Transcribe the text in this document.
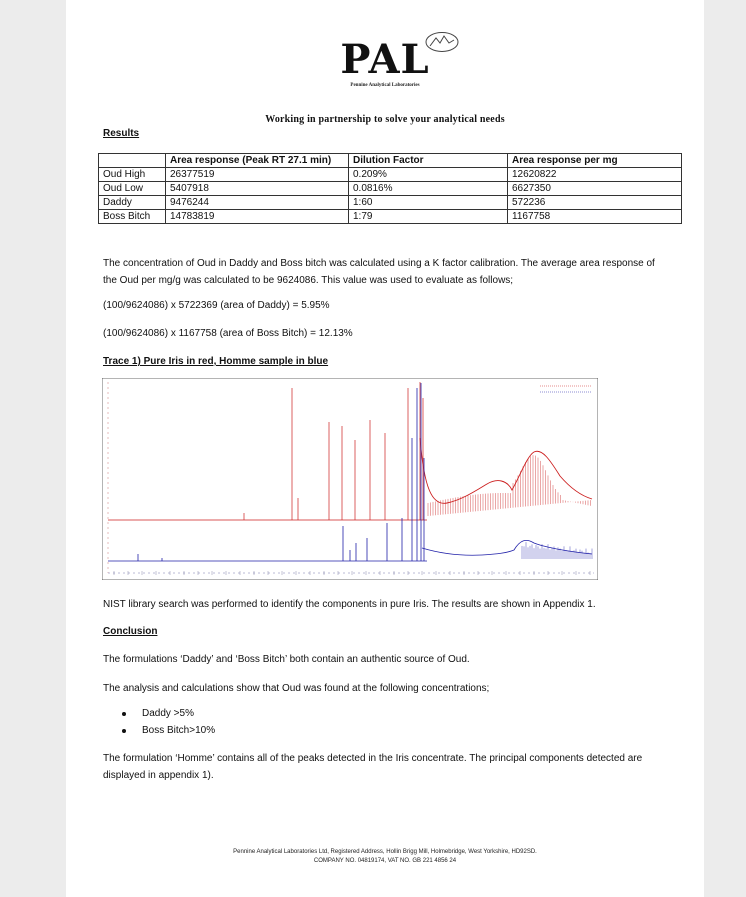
PAL
Pennine Analytical Laboratories
Working in partnership to solve your analytical needs
Results
	Area response (Peak RT 27.1 min)	Dilution Factor	Area response per mg
Oud High	26377519	0.209%	12620822
Oud Low	5407918	0.0816%	6627350
Daddy	9476244	1:60	572236
Boss Bitch	14783819	1:79	1167758
The concentration of Oud in Daddy and Boss bitch was calculated using a K factor calibration. The average area response of the Oud per mg/g was calculated to be 9624086. This value was used to evaluate as follows;
(100/9624086) x 5722369 (area of Daddy) = 5.95%
(100/9624086) x 1167758 (area of Boss Bitch) = 12.13%
Trace 1) Pure Iris in red, Homme sample in blue
NIST library search was performed to identify the components in pure Iris. The results are shown in Appendix 1.
Conclusion
The formulations ‘Daddy’ and ‘Boss Bitch’ both contain an authentic source of Oud.
The analysis and calculations show that Oud was found at the following concentrations;
Daddy >5%
Boss Bitch>10%
The formulation ‘Homme’ contains all of the peaks detected in the Iris concentrate. The principal components detected are displayed in appendix 1).
Pennine Analytical Laboratories Ltd, Registered Address, Hollin Brigg Mill, Holmebridge, West Yorkshire, HD92SD.
COMPANY NO. 04819174, VAT NO. GB 221 4856 24
